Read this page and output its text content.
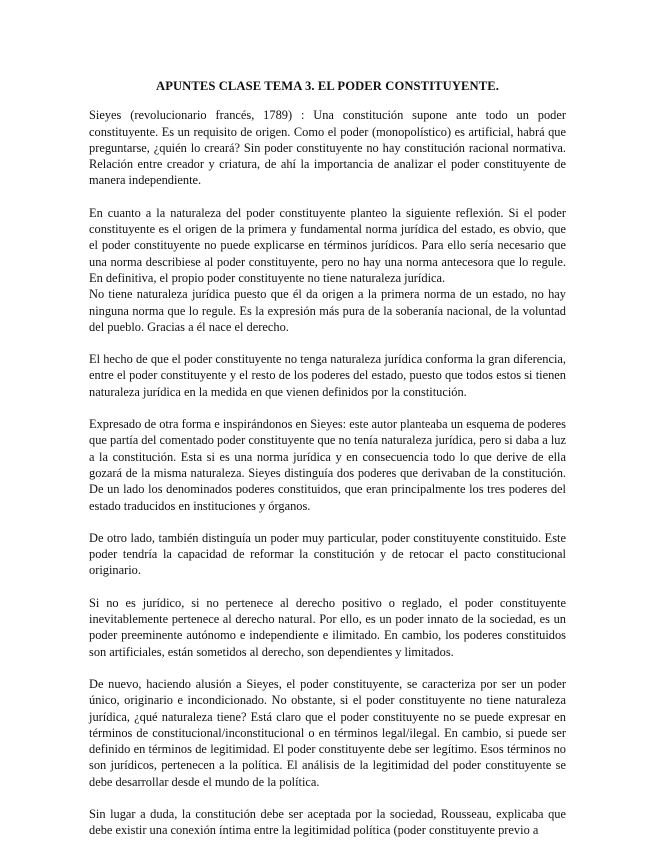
APUNTES CLASE TEMA 3. EL PODER CONSTITUYENTE.
Sieyes (revolucionario francés, 1789) : Una constitución supone ante todo un poder constituyente. Es un requisito de origen. Como el poder (monopolístico) es artificial, habrá que preguntarse, ¿quién lo creará? Sin poder constituyente no hay constitución racional normativa. Relación entre creador y criatura, de ahí la importancia de analizar el poder constituyente de manera independiente.
En cuanto a la naturaleza del poder constituyente planteo la siguiente reflexión. Si el poder constituyente es el origen de la primera y fundamental norma jurídica del estado, es obvio, que el poder constituyente no puede explicarse en términos jurídicos. Para ello sería necesario que una norma describiese al poder constituyente, pero no hay una norma antecesora que lo regule. En definitiva, el propio poder constituyente no tiene naturaleza jurídica.
No tiene naturaleza jurídica puesto que él da origen a la primera norma de un estado, no hay ninguna norma que lo regule. Es la expresión más pura de la soberanía nacional, de la voluntad del pueblo. Gracias a él nace el derecho.
El hecho de que el poder constituyente no tenga naturaleza jurídica conforma la gran diferencia, entre el poder constituyente y el resto de los poderes del estado, puesto que todos estos si tienen naturaleza jurídica en la medida en que vienen definidos por la constitución.
Expresado de otra forma e inspirándonos en Sieyes: este autor planteaba un esquema de poderes que partía del comentado poder constituyente que no tenía naturaleza jurídica, pero si daba a luz a la constitución. Esta si es una norma jurídica y en consecuencia todo lo que derive de ella gozará de la misma naturaleza. Sieyes distinguía dos poderes que derivaban de la constitución. De un lado los denominados poderes constituidos, que eran principalmente los tres poderes del estado traducidos en instituciones y órganos.
De otro lado, también distinguía un poder muy particular, poder constituyente constituido. Este poder tendría la capacidad de reformar la constitución y de retocar el pacto constitucional originario.
Si no es jurídico, si no pertenece al derecho positivo o reglado, el poder constituyente inevitablemente pertenece al derecho natural. Por ello, es un poder innato de la sociedad, es un poder preeminente autónomo e independiente e ilimitado. En cambio, los poderes constituidos son artificiales, están sometidos al derecho, son dependientes y limitados.
De nuevo, haciendo alusión a Sieyes, el poder constituyente, se caracteriza por ser un poder único, originario e incondicionado. No obstante, si el poder constituyente no tiene naturaleza jurídica, ¿qué naturaleza tiene? Está claro que el poder constituyente no se puede expresar en términos de constitucional/inconstitucional o en términos legal/ilegal. En cambio, si puede ser definido en términos de legitimidad. El poder constituyente debe ser legítimo. Esos términos no son jurídicos, pertenecen a la política. El análisis de la legitimidad del poder constituyente se debe desarrollar desde el mundo de la política.
Sin lugar a duda, la constitución debe ser aceptada por la sociedad, Rousseau, explicaba que debe existir una conexión íntima entre la legitimidad política (poder constituyente previo a
